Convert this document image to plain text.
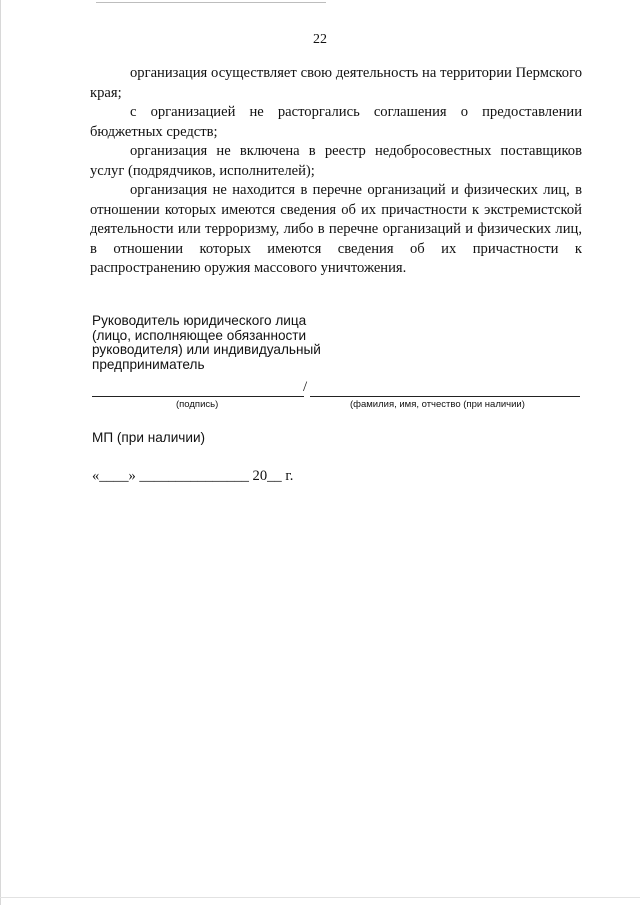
22

организация осуществляет свою деятельность на территории Пермского края;

с организацией не расторгались соглашения о предоставлении бюджетных средств;

организация не включена в реестр недобросовестных поставщиков услуг (подрядчиков, исполнителей);

организация не находится в перечне организаций и физических лиц, в отношении которых имеются сведения об их причастности к экстремистской деятельности или терроризму, либо в перечне организаций и физических лиц, в отношении которых имеются сведения об их причастности к распространению оружия массового уничтожения.

Руководитель юридического лица
(лицо, исполняющее обязанности
руководителя) или индивидуальный
предприниматель
/
(подпись)	(фамилия, имя, отчество (при наличии)
МП (при наличии)
«____» _______________ 20__ г.
